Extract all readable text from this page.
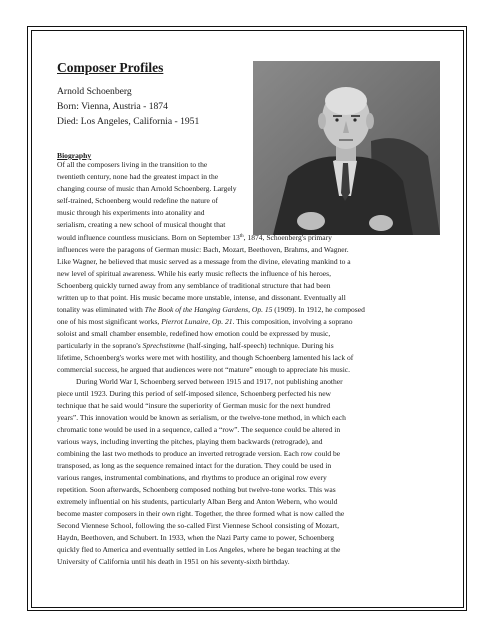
Composer Profiles

Arnold Schoenberg

Born: Vienna, Austria - 1874

Died: Los Angeles, California - 1951

Biography

Of all the composers living in the transition to the

twentieth century, none had the greatest impact in the

changing course of music than Arnold Schoenberg. Largely

self-trained, Schoenberg would redefine the nature of

music through his experiments into atonality and

serialism, creating a new school of musical thought that

would influence countless musicians. Born on September 13th, 1874, Schoenberg's primary

influences were the paragons of German music: Bach, Mozart, Beethoven, Brahms, and Wagner.

Like Wagner, he believed that music served as a message from the divine, elevating mankind to a

new level of spiritual awareness. While his early music reflects the influence of his heroes,

Schoenberg quickly turned away from any semblance of traditional structure that had been

written up to that point. His music became more unstable, intense, and dissonant. Eventually all

tonality was eliminated with The Book of the Hanging Gardens, Op. 15 (1909). In 1912, he composed

one of his most significant works, Pierrot Lunaire, Op. 21. This composition, involving a soprano

soloist and small chamber ensemble, redefined how emotion could be expressed by music,

particularly in the soprano's Sprechstimme (half-singing, half-speech) technique. During his

lifetime, Schoenberg's works were met with hostility, and though Schoenberg lamented his lack of

commercial success, he argued that audiences were not “mature” enough to appreciate his music.

During World War I, Schoenberg served between 1915 and 1917, not publishing another

piece until 1923. During this period of self-imposed silence, Schoenberg perfected his new

technique that he said would “insure the superiority of German music for the next hundred

years”. This innovation would be known as serialism, or the twelve-tone method, in which each

chromatic tone would be used in a sequence, called a “row”. The sequence could be altered in

various ways, including inverting the pitches, playing them backwards (retrograde), and

combining the last two methods to produce an inverted retrograde version. Each row could be

transposed, as long as the sequence remained intact for the duration. They could be used in

various ranges, instrumental combinations, and rhythms to produce an original row every

repetition. Soon afterwards, Schoenberg composed nothing but twelve-tone works. This was

extremely influential on his students, particularly Alban Berg and Anton Webern, who would

become master composers in their own right. Together, the three formed what is now called the

Second Viennese School, following the so-called First Viennese School consisting of Mozart,

Haydn, Beethoven, and Schubert. In 1933, when the Nazi Party came to power, Schoenberg

quickly fled to America and eventually settled in Los Angeles, where he began teaching at the

University of California until his death in 1951 on his seventy-sixth birthday.
